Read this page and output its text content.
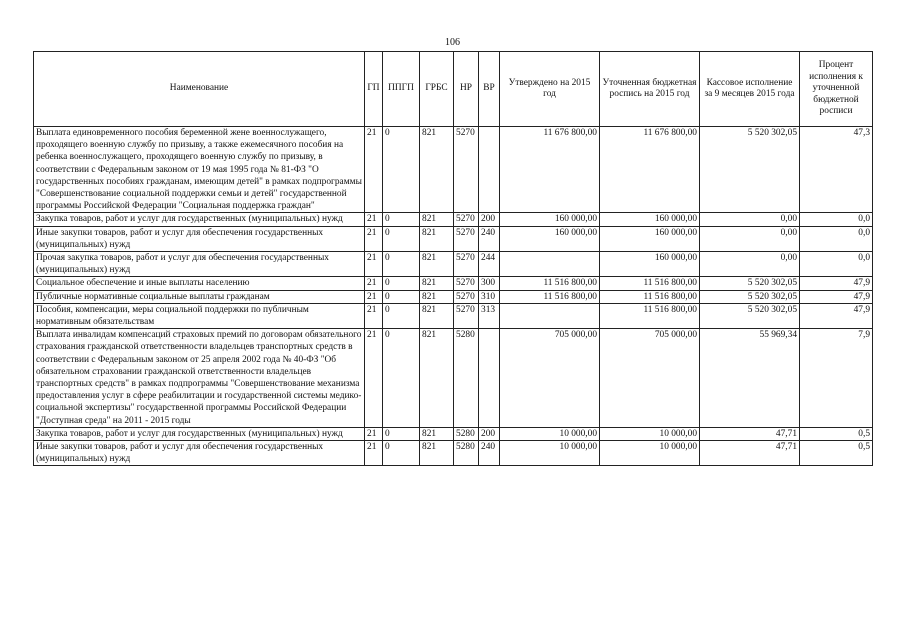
106
Наименование	ГП	ППГП	ГРБС	НР	ВР	Утверждено на 2015 год	Уточненная бюджетная роспись на 2015 год	Кассовое исполнение за 9 месяцев 2015 года	Процент исполнения к уточненной бюджетной росписи
Выплата единовременного пособия беременной жене военнослужащего, проходящего военную службу по призыву, а также ежемесячного пособия на ребенка военнослужащего, проходящего военную службу по призыву, в соответствии с Федеральным законом от 19 мая 1995 года № 81-ФЗ "О государственных пособиях гражданам, имеющим детей" в рамках подпрограммы "Совершенствование социальной поддержки семьи и детей" государственной программы Российской Федерации "Социальная поддержка граждан"	21	0	821	5270		11 676 800,00	11 676 800,00	5 520 302,05	47,3
Закупка товаров, работ и услуг для государственных (муниципальных) нужд	21	0	821	5270	200	160 000,00	160 000,00	0,00	0,0
Иные закупки товаров, работ и услуг для обеспечения государственных (муниципальных) нужд	21	0	821	5270	240	160 000,00	160 000,00	0,00	0,0
Прочая закупка товаров, работ и услуг для обеспечения государственных (муниципальных) нужд	21	0	821	5270	244		160 000,00	0,00	0,0
Социальное обеспечение и иные выплаты населению	21	0	821	5270	300	11 516 800,00	11 516 800,00	5 520 302,05	47,9
Публичные нормативные социальные выплаты гражданам	21	0	821	5270	310	11 516 800,00	11 516 800,00	5 520 302,05	47,9
Пособия, компенсации, меры социальной поддержки по публичным нормативным обязательствам	21	0	821	5270	313		11 516 800,00	5 520 302,05	47,9
Выплата инвалидам компенсаций страховых премий по договорам обязательного страхования гражданской ответственности владельцев транспортных средств в соответствии с Федеральным законом от 25 апреля 2002 года № 40-ФЗ "Об обязательном страховании гражданской ответственности владельцев транспортных средств" в рамках подпрограммы "Совершенствование механизма предоставления услуг в сфере реабилитации и государственной системы медико-социальной экспертизы" государственной программы Российской Федерации "Доступная среда" на 2011 - 2015 годы	21	0	821	5280		705 000,00	705 000,00	55 969,34	7,9
Закупка товаров, работ и услуг для государственных (муниципальных) нужд	21	0	821	5280	200	10 000,00	10 000,00	47,71	0,5
Иные закупки товаров, работ и услуг для обеспечения государственных (муниципальных) нужд	21	0	821	5280	240	10 000,00	10 000,00	47,71	0,5
